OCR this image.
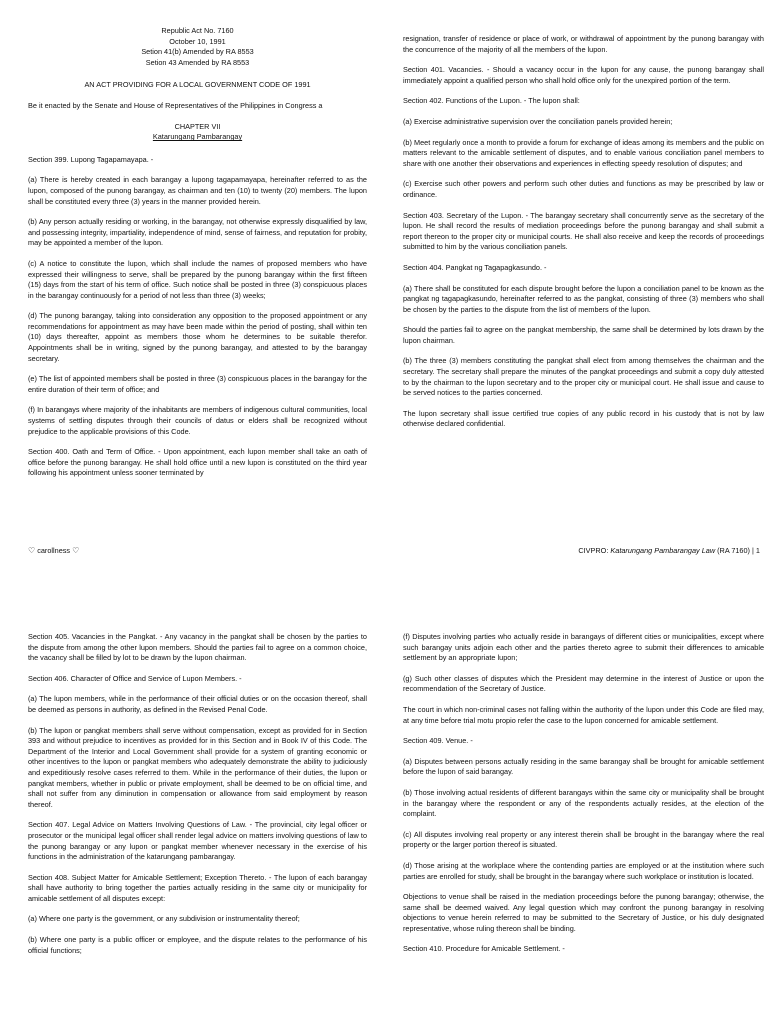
Republic Act No. 7160
October 10, 1991
Setion 41(b) Amended by RA 8553
Setion 43 Amended by RA 8553

AN ACT PROVIDING FOR A LOCAL GOVERNMENT CODE OF 1991

Be it enacted by the Senate and House of Representatives of the Philippines in Congress a

CHAPTER VII
Katarungang Pambarangay

Section 399. Lupong Tagapamayapa. -

(a) There is hereby created in each barangay a lupong tagapamayapa, hereinafter referred to as the lupon, composed of the punong barangay, as chairman and ten (10) to twenty (20) members. The lupon shall be constituted every three (3) years in the manner provided herein.

(b) Any person actually residing or working, in the barangay, not otherwise expressly disqualified by law, and possessing integrity, impartiality, independence of mind, sense of fairness, and reputation for probity, may be appointed a member of the lupon.

(c) A notice to constitute the lupon, which shall include the names of proposed members who have expressed their willingness to serve, shall be prepared by the punong barangay within the first fifteen (15) days from the start of his term of office. Such notice shall be posted in three (3) conspicuous places in the barangay continuously for a period of not less than three (3) weeks;

(d) The punong barangay, taking into consideration any opposition to the proposed appointment or any recommendations for appointment as may have been made within the period of posting, shall within ten (10) days thereafter, appoint as members those whom he determines to be suitable therefor. Appointments shall be in writing, signed by the punong barangay, and attested to by the barangay secretary.

(e) The list of appointed members shall be posted in three (3) conspicuous places in the barangay for the entire duration of their term of office; and

(f) In barangays where majority of the inhabitants are members of indigenous cultural communities, local systems of settling disputes through their councils of datus or elders shall be recognized without prejudice to the applicable provisions of this Code.

Section 400. Oath and Term of Office. - Upon appointment, each lupon member shall take an oath of office before the punong barangay. He shall hold office until a new lupon is constituted on the third year following his appointment unless sooner terminated by

resignation, transfer of residence or place of work, or withdrawal of appointment by the punong barangay with the concurrence of the majority of all the members of the lupon.

Section 401. Vacancies. - Should a vacancy occur in the lupon for any cause, the punong barangay shall immediately appoint a qualified person who shall hold office only for the unexpired portion of the term.

Section 402. Functions of the Lupon. - The lupon shall:

(a) Exercise administrative supervision over the conciliation panels provided herein;

(b) Meet regularly once a month to provide a forum for exchange of ideas among its members and the public on matters relevant to the amicable settlement of disputes, and to enable various conciliation panel members to share with one another their observations and experiences in effecting speedy resolution of disputes; and

(c) Exercise such other powers and perform such other duties and functions as may be prescribed by law or ordinance.

Section 403. Secretary of the Lupon. - The barangay secretary shall concurrently serve as the secretary of the lupon. He shall record the results of mediation proceedings before the punong barangay and shall submit a report thereon to the proper city or municipal courts. He shall also receive and keep the records of proceedings submitted to him by the various conciliation panels.

Section 404. Pangkat ng Tagapagkasundo. -

(a) There shall be constituted for each dispute brought before the lupon a conciliation panel to be known as the pangkat ng tagapagkasundo, hereinafter referred to as the pangkat, consisting of three (3) members who shall be chosen by the parties to the dispute from the list of members of the lupon.

Should the parties fail to agree on the pangkat membership, the same shall be determined by lots drawn by the lupon chairman.

(b) The three (3) members constituting the pangkat shall elect from among themselves the chairman and the secretary. The secretary shall prepare the minutes of the pangkat proceedings and submit a copy duly attested to by the chairman to the lupon secretary and to the proper city or municipal court. He shall issue and cause to be served notices to the parties concerned.

The lupon secretary shall issue certified true copies of any public record in his custody that is not by law otherwise declared confidential.

♡ carollness ♡	CIVPRO: Katarungang Pambarangay Law (RA 7160) | 1

Section 405. Vacancies in the Pangkat. - Any vacancy in the pangkat shall be chosen by the parties to the dispute from among the other lupon members. Should the parties fail to agree on a common choice, the vacancy shall be filled by lot to be drawn by the lupon chairman.

Section 406. Character of Office and Service of Lupon Members. -

(a) The lupon members, while in the performance of their official duties or on the occasion thereof, shall be deemed as persons in authority, as defined in the Revised Penal Code.

(b) The lupon or pangkat members shall serve without compensation, except as provided for in Section 393 and without prejudice to incentives as provided for in this Section and in Book IV of this Code. The Department of the Interior and Local Government shall provide for a system of granting economic or other incentives to the lupon or pangkat members who adequately demonstrate the ability to judiciously and expeditiously resolve cases referred to them. While in the performance of their duties, the lupon or pangkat members, whether in public or private employment, shall be deemed to be on official time, and shall not suffer from any diminution in compensation or allowance from said employment by reason thereof.

Section 407. Legal Advice on Matters Involving Questions of Law. - The provincial, city legal officer or prosecutor or the municipal legal officer shall render legal advice on matters involving questions of law to the punong barangay or any lupon or pangkat member whenever necessary in the exercise of his functions in the administration of the katarungang pambarangay.

Section 408. Subject Matter for Amicable Settlement; Exception Thereto. - The lupon of each barangay shall have authority to bring together the parties actually residing in the same city or municipality for amicable settlement of all disputes except:

(a) Where one party is the government, or any subdivision or instrumentality thereof;

(b) Where one party is a public officer or employee, and the dispute relates to the performance of his official functions;

(f) Disputes involving parties who actually reside in barangays of different cities or municipalities, except where such barangay units adjoin each other and the parties thereto agree to submit their differences to amicable settlement by an appropriate lupon;

(g) Such other classes of disputes which the President may determine in the interest of Justice or upon the recommendation of the Secretary of Justice.

The court in which non-criminal cases not falling within the authority of the lupon under this Code are filed may, at any time before trial motu propio refer the case to the lupon concerned for amicable settlement.

Section 409. Venue. -

(a) Disputes between persons actually residing in the same barangay shall be brought for amicable settlement before the lupon of said barangay.

(b) Those involving actual residents of different barangays within the same city or municipality shall be brought in the barangay where the respondent or any of the respondents actually resides, at the election of the complaint.

(c) All disputes involving real property or any interest therein shall be brought in the barangay where the real property or the larger portion thereof is situated.

(d) Those arising at the workplace where the contending parties are employed or at the institution where such parties are enrolled for study, shall be brought in the barangay where such workplace or institution is located.

Objections to venue shall be raised in the mediation proceedings before the punong barangay; otherwise, the same shall be deemed waived. Any legal question which may confront the punong barangay in resolving objections to venue herein referred to may be submitted to the Secretary of Justice, or his duly designated representative, whose ruling thereon shall be binding.

Section 410. Procedure for Amicable Settlement. -
